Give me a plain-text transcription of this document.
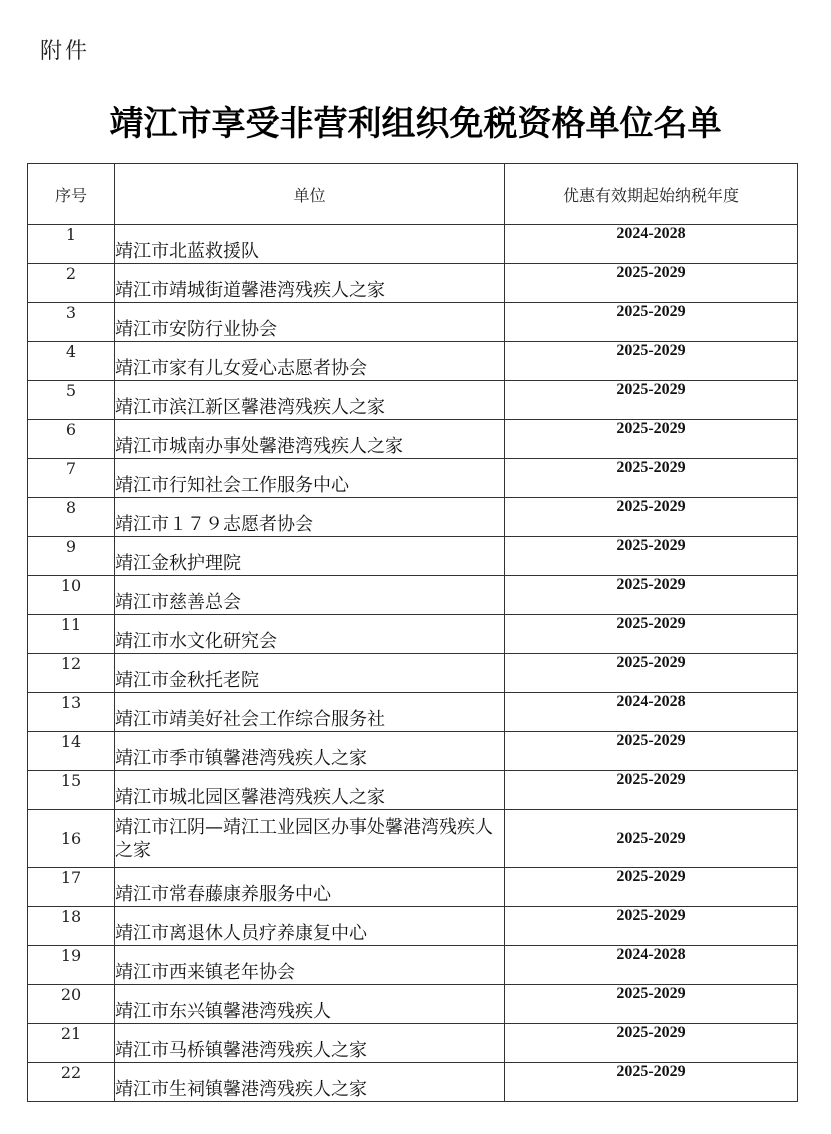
附件
靖江市享受非营利组织免税资格单位名单
序号	单位	优惠有效期起始纳税年度
1	靖江市北蓝救援队	2024-2028
2	靖江市靖城街道馨港湾残疾人之家	2025-2029
3	靖江市安防行业协会	2025-2029
4	靖江市家有儿女爱心志愿者协会	2025-2029
5	靖江市滨江新区馨港湾残疾人之家	2025-2029
6	靖江市城南办事处馨港湾残疾人之家	2025-2029
7	靖江市行知社会工作服务中心	2025-2029
8	靖江市１７９志愿者协会	2025-2029
9	靖江金秋护理院	2025-2029
10	靖江市慈善总会	2025-2029
11	靖江市水文化研究会	2025-2029
12	靖江市金秋托老院	2025-2029
13	靖江市靖美好社会工作综合服务社	2024-2028
14	靖江市季市镇馨港湾残疾人之家	2025-2029
15	靖江市城北园区馨港湾残疾人之家	2025-2029
16	靖江市江阴—靖江工业园区办事处馨港湾残疾人之家	2025-2029
17	靖江市常春藤康养服务中心	2025-2029
18	靖江市离退休人员疗养康复中心	2025-2029
19	靖江市西来镇老年协会	2024-2028
20	靖江市东兴镇馨港湾残疾人	2025-2029
21	靖江市马桥镇馨港湾残疾人之家	2025-2029
22	靖江市生祠镇馨港湾残疾人之家	2025-2029
